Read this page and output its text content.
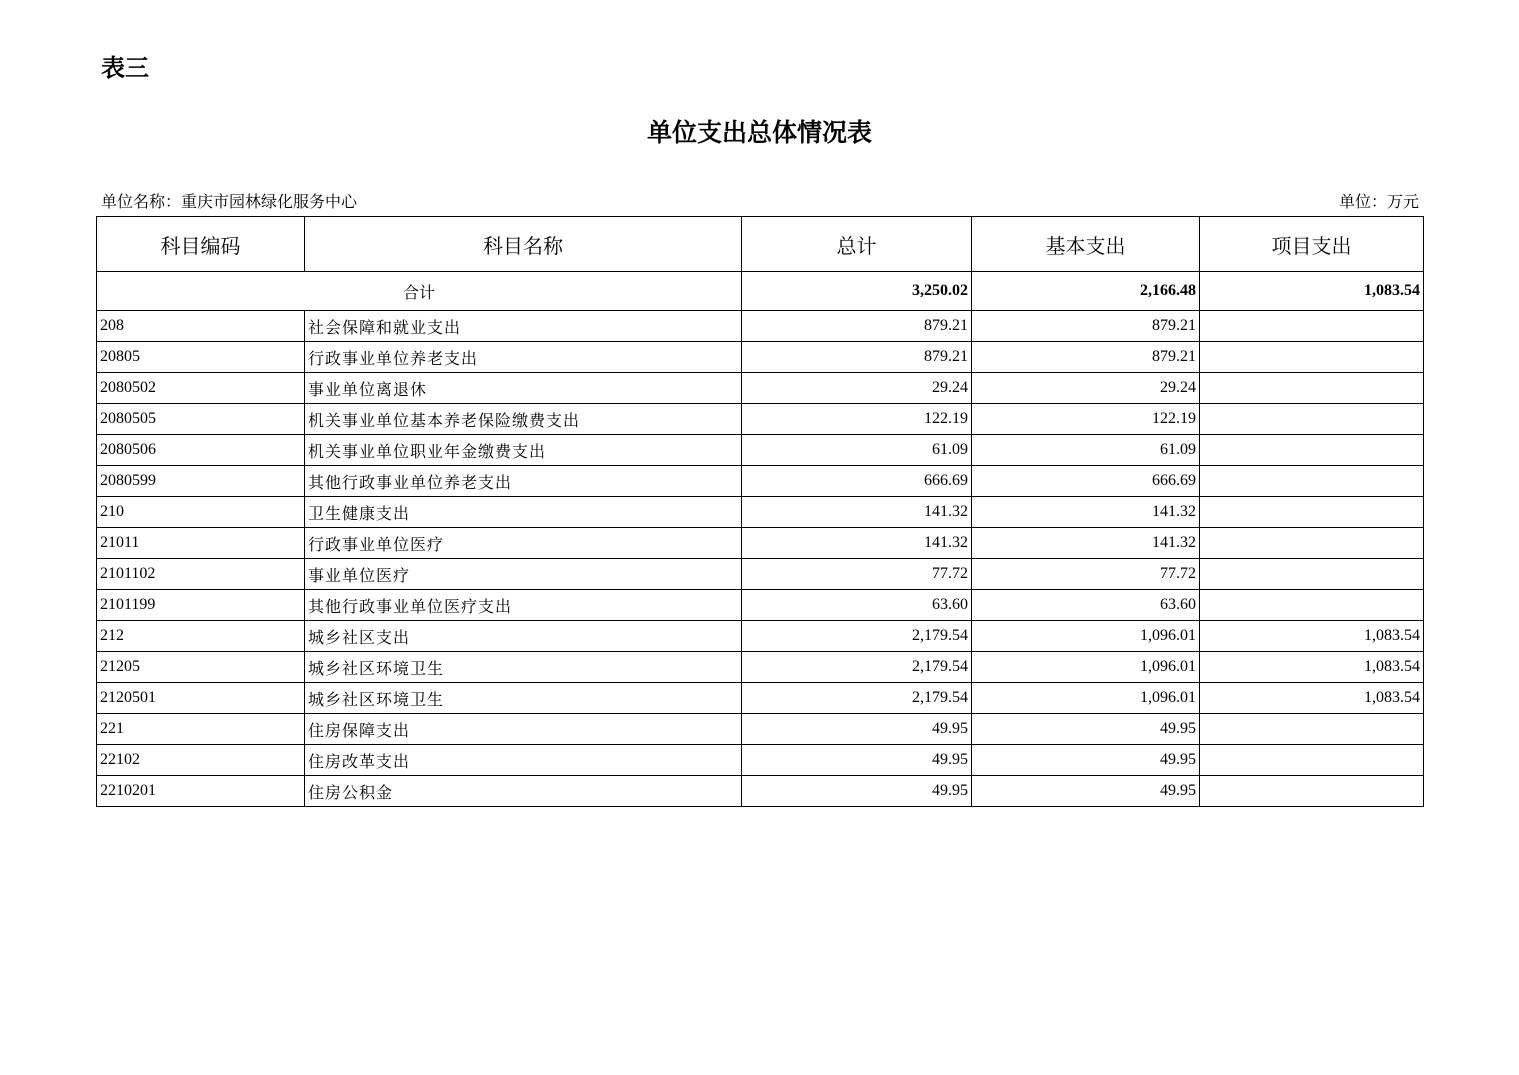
表三
单位支出总体情况表
单位名称：重庆市园林绿化服务中心	单位：万元
科目编码	科目名称	总计	基本支出	项目支出
合计		3,250.02	2,166.48	1,083.54
208	社会保障和就业支出	879.21	879.21	
20805	行政事业单位养老支出	879.21	879.21	
2080502	事业单位离退休	29.24	29.24	
2080505	机关事业单位基本养老保险缴费支出	122.19	122.19	
2080506	机关事业单位职业年金缴费支出	61.09	61.09	
2080599	其他行政事业单位养老支出	666.69	666.69	
210	卫生健康支出	141.32	141.32	
21011	行政事业单位医疗	141.32	141.32	
2101102	事业单位医疗	77.72	77.72	
2101199	其他行政事业单位医疗支出	63.60	63.60	
212	城乡社区支出	2,179.54	1,096.01	1,083.54
21205	城乡社区环境卫生	2,179.54	1,096.01	1,083.54
2120501	城乡社区环境卫生	2,179.54	1,096.01	1,083.54
221	住房保障支出	49.95	49.95	
22102	住房改革支出	49.95	49.95	
2210201	住房公积金	49.95	49.95	
